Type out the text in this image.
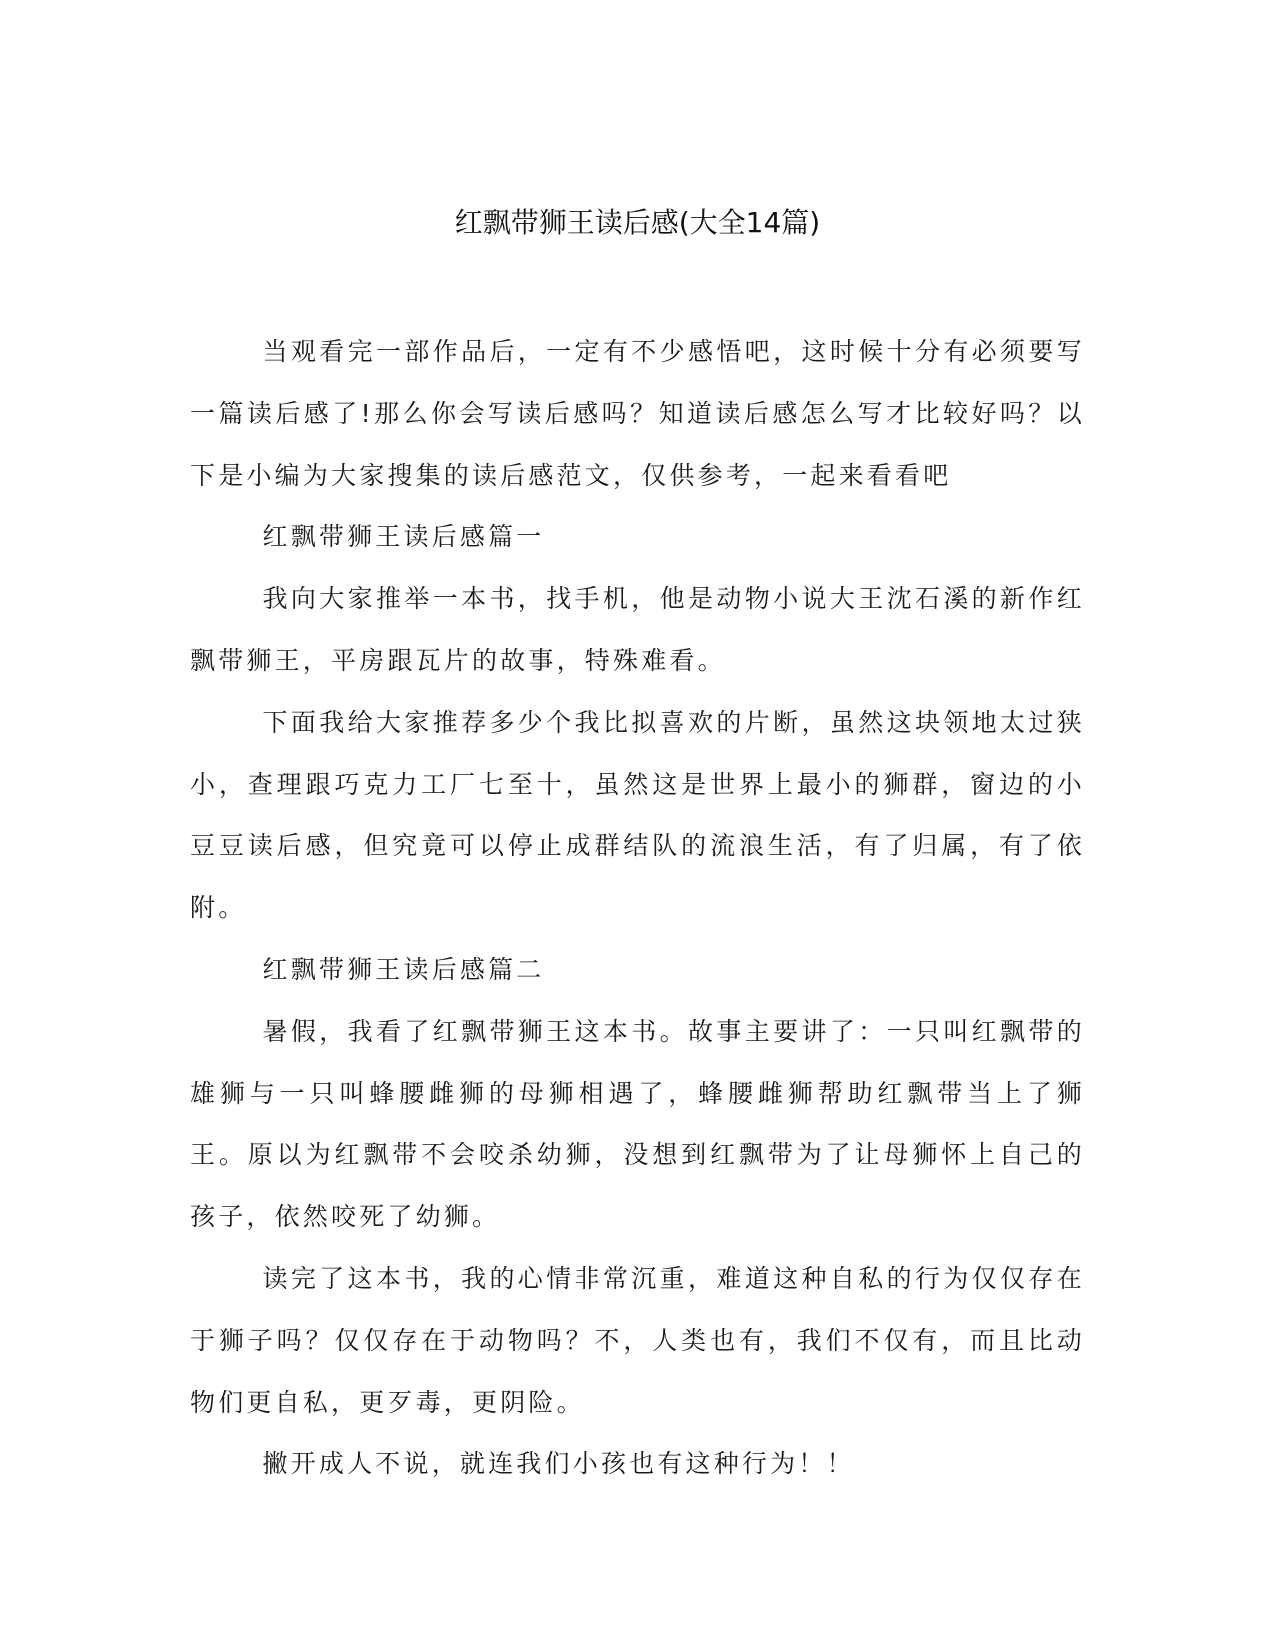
红飘带狮王读后感(大全14篇)

当观看完一部作品后，一定有不少感悟吧，这时候十分有必须要写一篇读后感了!那么你会写读后感吗？知道读后感怎么写才比较好吗？以下是小编为大家搜集的读后感范文，仅供参考，一起来看看吧

红飘带狮王读后感篇一

我向大家推举一本书，找手机，他是动物小说大王沈石溪的新作红飘带狮王，平房跟瓦片的故事，特殊难看。

下面我给大家推荐多少个我比拟喜欢的片断，虽然这块领地太过狭小，查理跟巧克力工厂七至十，虽然这是世界上最小的狮群，窗边的小豆豆读后感，但究竟可以停止成群结队的流浪生活，有了归属，有了依附。

红飘带狮王读后感篇二

暑假，我看了红飘带狮王这本书。故事主要讲了：一只叫红飘带的雄狮与一只叫蜂腰雌狮的母狮相遇了，蜂腰雌狮帮助红飘带当上了狮王。原以为红飘带不会咬杀幼狮，没想到红飘带为了让母狮怀上自己的孩子，依然咬死了幼狮。

读完了这本书，我的心情非常沉重，难道这种自私的行为仅仅存在于狮子吗？仅仅存在于动物吗？不，人类也有，我们不仅有，而且比动物们更自私，更歹毒，更阴险。

撇开成人不说，就连我们小孩也有这种行为！！
